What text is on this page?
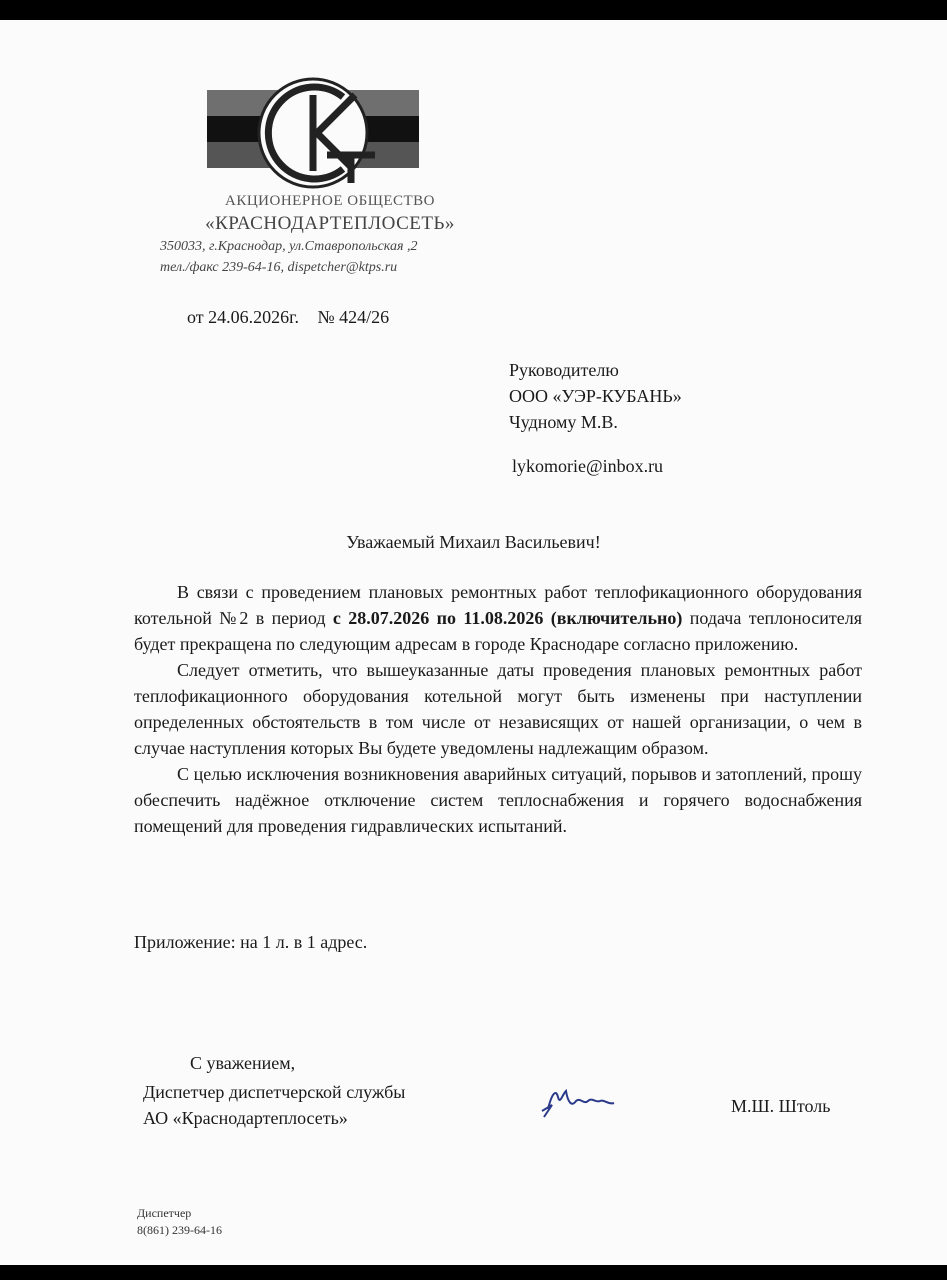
АКЦИОНЕРНОЕ ОБЩЕСТВО
«КРАСНОДАРТЕПЛОСЕТЬ»
350033, г.Краснодар, ул.Ставропольская ,2
тел./факс 239-64-16, dispetcher@ktps.ru
от 24.06.2026г. № 424/26
Руководителю
ООО «УЭР-КУБАНЬ»
Чудному М.В.
lykomorie@inbox.ru
Уважаемый Михаил Васильевич!

В связи с проведением плановых ремонтных работ теплофикационного оборудования котельной №2 в период с 28.07.2026 по 11.08.2026 (включительно) подача теплоносителя будет прекращена по следующим адресам в городе Краснодаре согласно приложению.

Следует отметить, что вышеуказанные даты проведения плановых ремонтных работ теплофикационного оборудования котельной могут быть изменены при наступлении определенных обстоятельств в том числе от независящих от нашей организации, о чем в случае наступления которых Вы будете уведомлены надлежащим образом.

С целью исключения возникновения аварийных ситуаций, порывов и затоплений, прошу обеспечить надёжное отключение систем теплоснабжения и горячего водоснабжения помещений для проведения гидравлических испытаний.

Приложение: на 1 л. в 1 адрес.
С уважением,
Диспетчер диспетчерской службы
АО «Краснодартеплосеть»
М.Ш. Штоль
Диспетчер
8(861) 239-64-16
